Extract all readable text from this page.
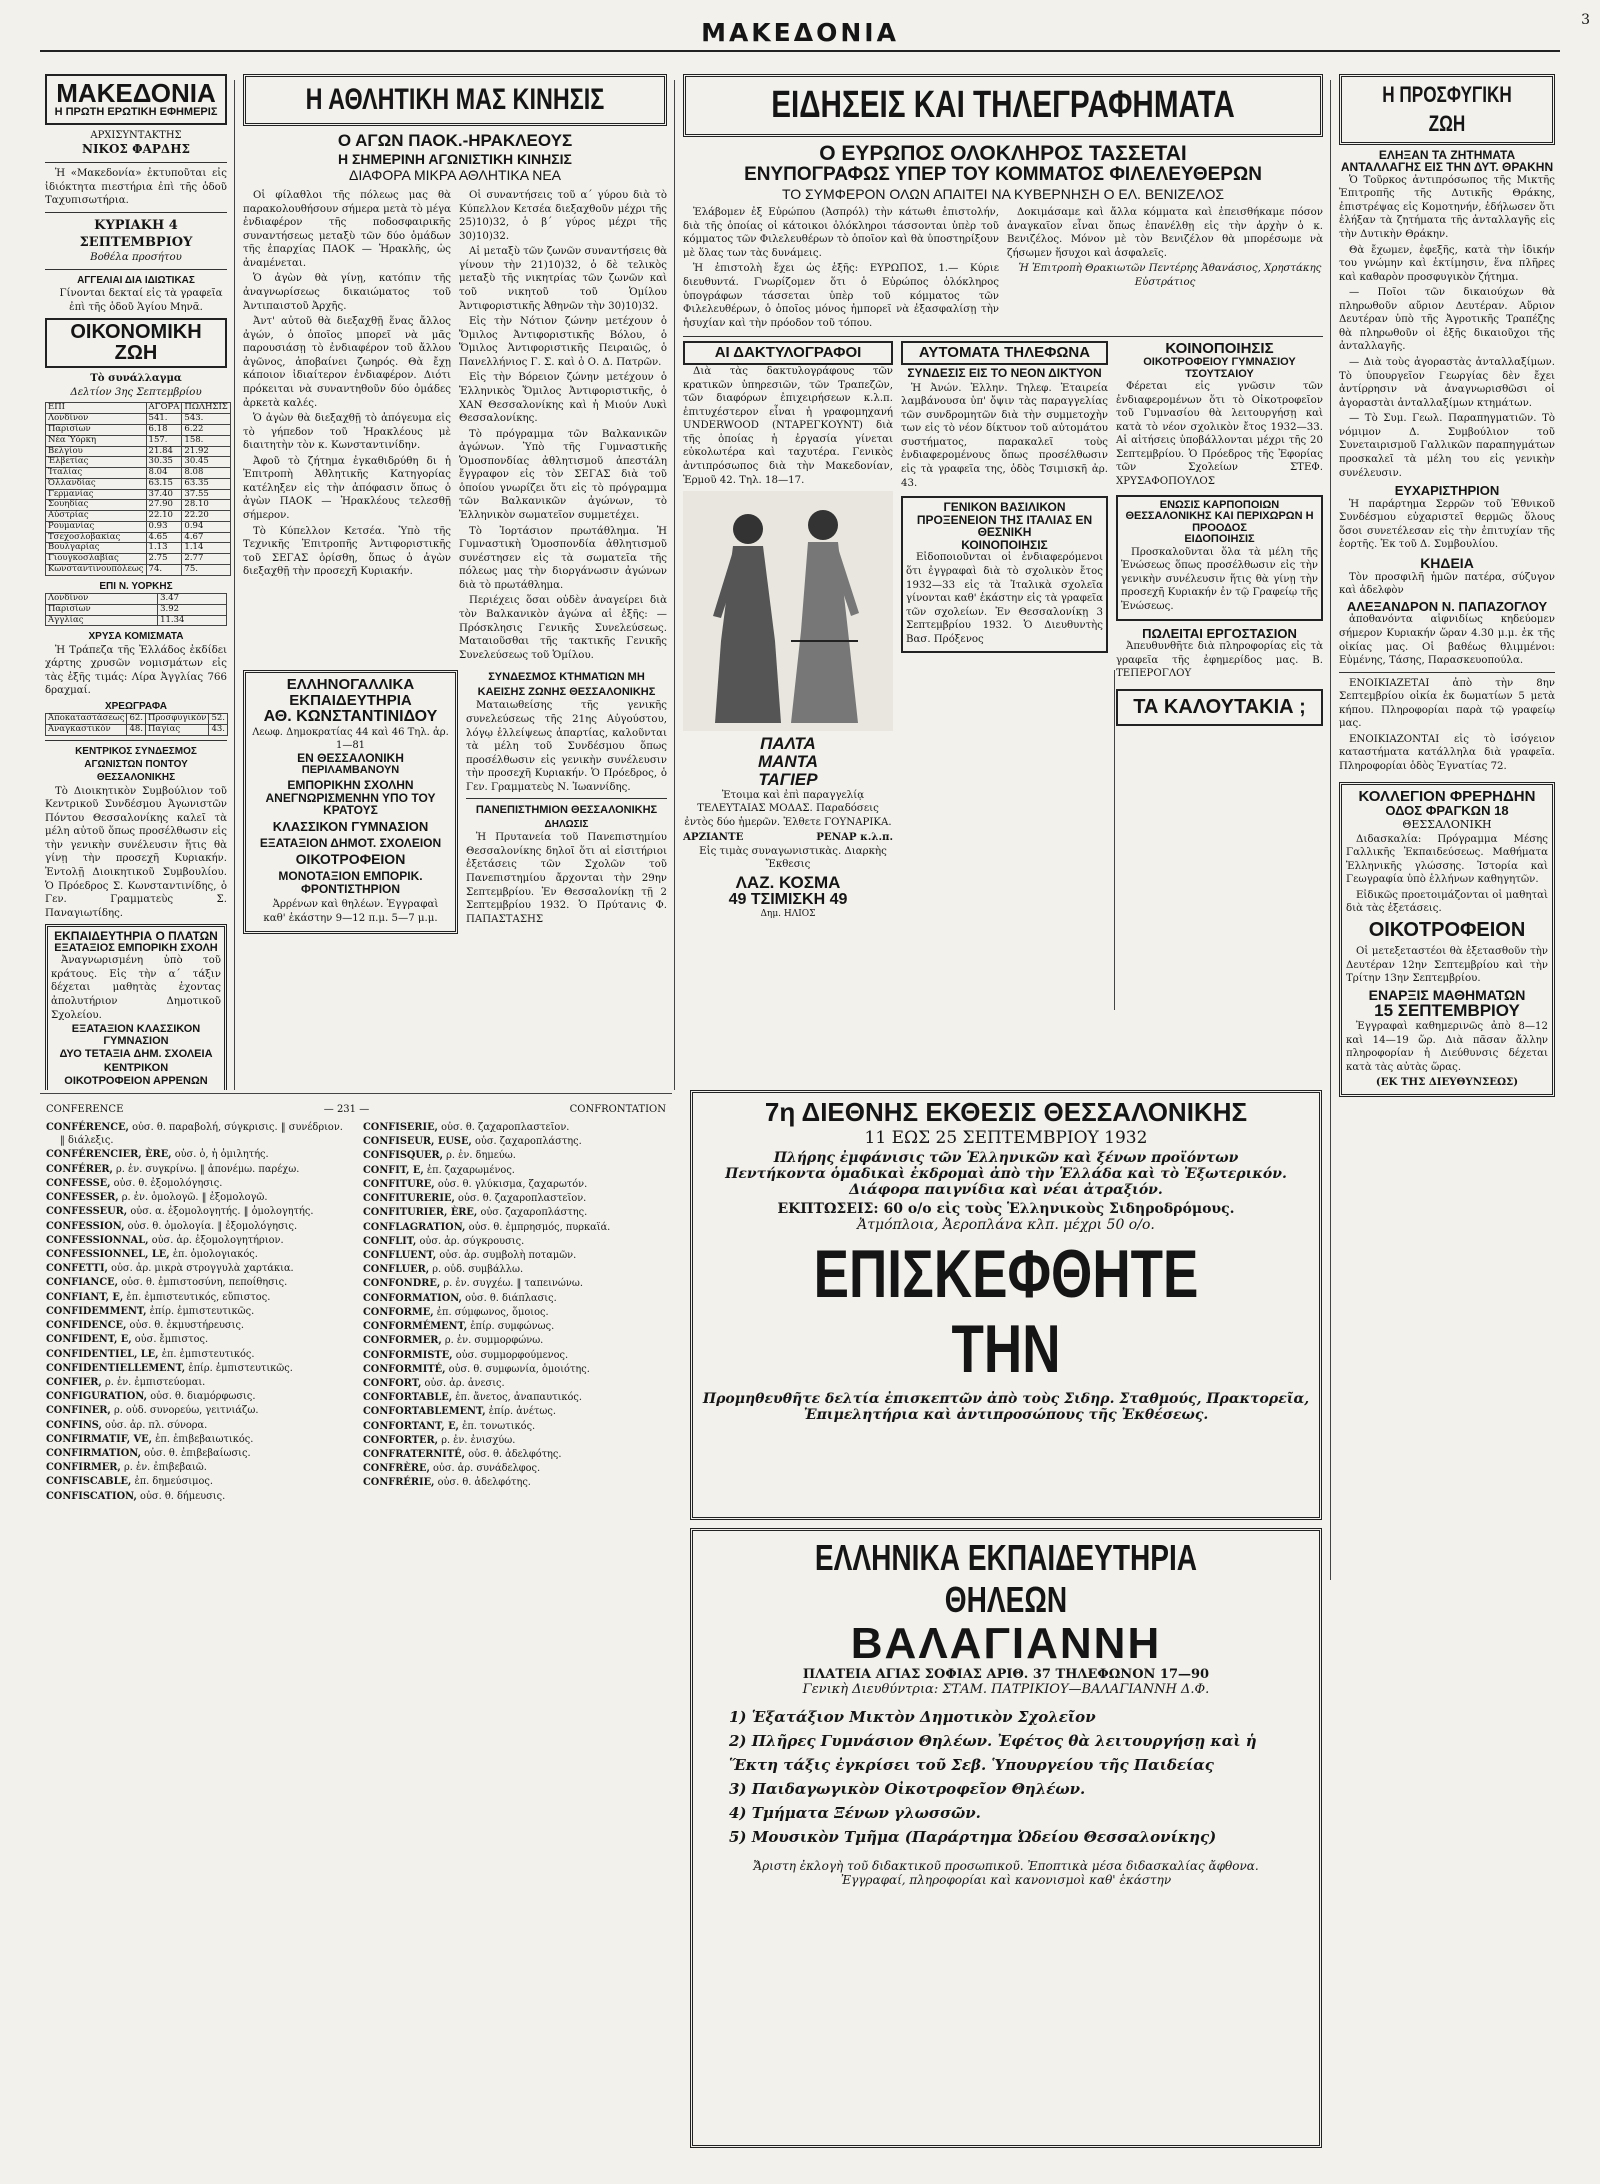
ΜΑΚΕΔΟΝΙΑ	3
ΜΑΚΕΔΟΝΙΑ
Η ΠΡΩΤΗ ΕΡΩΤΙΚΗ ΕΦΗΜΕΡΙΣ
ΑΡΧΙΣΥΝΤΑΚΤΗΣ
ΝΙΚΟΣ ΦΑΡΔΗΣ

Ἡ «Μακεδονία» ἐκτυποῦται εἰς ἰδιόκτητα πιεστήρια ἐπὶ τῆς ὁδοῦ Ταχυπισωτήρια.

ΚΥΡΙΑΚΗ 4 ΣΕΠΤΕΜΒΡΙΟΥ
Βοθέλα προσήτου
ΑΓΓΕΛΙΑΙ ΔΙΑ ΙΔΙΩΤΙΚΑΣ

Γίνονται δεκταί εἰς τὰ γραφεῖα ἐπὶ τῆς ὁδοῦ Ἁγίου Μηνᾶ.

ΟΙΚΟΝΟΜΙΚΗ ΖΩΗ
Τὸ συνάλλαγμα
Δελτίον 3ης Σεπτεμβρίου
ΕΠΙ	ΑΓΟΡΑ	ΠΩΛΗΣΙΣ
Λονδίνον	541.	543.
Παρισίων	6.18	6.22
Νέα Ὑόρκη	157.	158.
Βελγίου	21.84	21.92
Ἑλβετίας	30.35	30.45
Ἰταλίας	8.04	8.08
Ὀλλανδίας	63.15	63.35
Γερμανίας	37.40	37.55
Σουηδίας	27.90	28.10
Αὐστρίας	22.10	22.20
Ρουμανίας	0.93	0.94
Τσεχοσλοβακίας	4.65	4.67
Βουλγαρίας	1.13	1.14
Γιουγκοσλαβίας	2.75	2.77
Κωνσταντινουπόλεως	74.	75.
ΕΠΙ Ν. ΥΟΡΚΗΣ
Λονδίνον	3.47
Παρισίων	3.92
Ἀγγλίας	11.34
ΧΡΥΣΑ ΚΟΜΙΣΜΑΤΑ

Ἡ Τράπεζα τῆς Ἑλλάδος ἐκδίδει χάρτης χρυσῶν νομισμάτων εἰς τὰς ἑξῆς τιμάς: Λίρα Ἀγγλίας 766 δραχμαί.

ΧΡΕΩΓΡΑΦΑ
Ἀποκαταστάσεως	62.	Προσφυγικὸν	52.
Ἀναγκαστικὸν	48.	Παγίας	43.
ΚΕΝΤΡΙΚΟΣ ΣΥΝΔΕΣΜΟΣ ΑΓΩΝΙΣΤΩΝ ΠΟΝΤΟΥ ΘΕΣΣΑΛΟΝΙΚΗΣ

Τὸ Διοικητικὸν Συμβούλιον τοῦ Κεντρικοῦ Συνδέσμου Ἀγωνιστῶν Πόντου Θεσσαλονίκης καλεῖ τὰ μέλη αὐτοῦ ὅπως προσέλθωσιν εἰς τὴν γενικὴν συνέλευσιν ἥτις θὰ γίνῃ τὴν προσεχῆ Κυριακήν. Ἐντολῇ Διοικητικοῦ Συμβουλίου. Ὁ Πρόεδρος Σ. Κωνσταντινίδης, ὁ Γεν. Γραμματεὺς Σ. Παναγιωτίδης.

ΕΚΠΑΙΔΕΥΤΗΡΙΑ Ο ΠΛΑΤΩΝ
ΕΞΑΤΑΞΙΟΣ ΕΜΠΟΡΙΚΗ ΣΧΟΛΗ

Ἀναγνωρισμένη ὑπὸ τοῦ κράτους. Εἰς τὴν α΄ τάξιν δέχεται μαθητὰς ἐχοντας ἀπολυτήριον Δημοτικοῦ Σχολείου.

ΕΞΑΤΑΞΙΟΝ ΚΛΑΣΣΙΚΟΝ ΓΥΜΝΑΣΙΟΝ
ΔΥΟ ΤΕΤΑΞΙΑ ΔΗΜ. ΣΧΟΛΕΙΑ
ΚΕΝΤΡΙΚΟΝ
ΟΙΚΟΤΡΟΦΕΙΟΝ ΑΡΡΕΝΩΝ
Η ΑΘΛΗΤΙΚΗ ΜΑΣ ΚΙΝΗΣΙΣ
Ο ΑΓΩΝ ΠΑΟΚ.-ΗΡΑΚΛΕΟΥΣ
Η ΣΗΜΕΡΙΝΗ ΑΓΩΝΙΣΤΙΚΗ ΚΙΝΗΣΙΣ
ΔΙΑΦΟΡΑ ΜΙΚΡΑ ΑΘΛΗΤΙΚΑ ΝΕΑ

Οἱ φίλαθλοι τῆς πόλεως μας θὰ παρακολουθήσουν σήμερα μετὰ τὸ μέγα ἐνδιαφέρον τῆς ποδοσφαιρικῆς συναντήσεως μεταξὺ τῶν δύο ὁμάδων τῆς ἐπαρχίας ΠΑΟΚ — Ἡρακλῆς, ὡς ἀναμένεται.

Ὁ ἀγὼν θὰ γίνῃ, κατόπιν τῆς ἀναγνωρίσεως δικαιώματος τοῦ Ἀντιπαιστοῦ Ἀρχῆς.

Ἀντ' αὐτοῦ θὰ διεξαχθῇ ἕνας ἄλλος ἀγών, ὁ ὁποῖος μπορεῖ νὰ μᾶς παρουσιάσῃ τὸ ἐνδιαφέρον τοῦ ἄλλου ἀγῶνος, ἀποβαίνει ζωηρός. Θὰ ἔχῃ κάποιον ἰδιαίτερον ἐνδιαφέρον. Διότι πρόκειται νὰ συναντηθοῦν δύο ὁμάδες ἀρκετὰ καλές.

Ὁ ἀγὼν θὰ διεξαχθῇ τὸ ἀπόγευμα εἰς τὸ γήπεδον τοῦ Ἡρακλέους μὲ διαιτητὴν τὸν κ. Κωνσταντινίδην.

Ἀφοῦ τὸ ζήτημα ἐγκαθιδρύθη δι ἡ Ἐπιτροπὴ Ἀθλητικῆς Κατηγορίας κατέληξεν εἰς τὴν ἀπόφασιν ὅπως ὁ ἀγὼν ΠΑΟΚ — Ἡρακλέους τελεσθῇ σήμερον.

Τὸ Κύπελλον Κετσέα. Ὑπὸ τῆς Τεχνικῆς Ἐπιτροπῆς Ἀντιφοριστικῆς τοῦ ΣΕΓΑΣ ὁρίσθη, ὅπως ὁ ἀγὼν διεξαχθῇ τὴν προσεχῆ Κυριακήν.

Οἱ συναντήσεις τοῦ α΄ γύρου διὰ τὸ Κύπελλον Κετσέα διεξαχθοῦν μέχρι τῆς 25)10)32, ὁ β΄ γύρος μέχρι τῆς 30)10)32.

Αἱ μεταξὺ τῶν ζωνῶν συναντήσεις θὰ γίνουν τὴν 21)10)32, ὁ δὲ τελικὸς μεταξὺ τῆς νικητρίας τῶν ζωνῶν καὶ τοῦ νικητοῦ τοῦ Ὁμίλου Ἀντιφοριστικῆς Ἀθηνῶν τὴν 30)10)32.

Εἰς τὴν Νότιον ζώνην μετέχουν ὁ Ὅμιλος Ἀντιφοριστικῆς Βόλου, ὁ Ὅμιλος Ἀντιφοριστικῆς Πειραιῶς, ὁ Πανελλήνιος Γ. Σ. καὶ ὁ Ο. Δ. Πατρῶν.

Εἰς τὴν Βόρειον ζώνην μετέχουν ὁ Ἑλληνικὸς Ὅμιλος Ἀντιφοριστικῆς, ὁ ΧΑΝ Θεσσαλονίκης καὶ ἡ Μιούν Λυκὶ Θεσσαλονίκης.

Τὸ πρόγραμμα τῶν Βαλκανικῶν ἀγώνων. Ὑπὸ τῆς Γυμναστικῆς Ὁμοσπονδίας ἀθλητισμοῦ ἀπεστάλη ἔγγραφον εἰς τὸν ΣΕΓΑΣ διὰ τοῦ ὁποίου γνωρίζει ὅτι εἰς τὸ πρόγραμμα τῶν Βαλκανικῶν ἀγώνων, τὸ Ἑλληνικὸν σωματεῖον συμμετέχει.

Τὸ Ἰορτάσιον πρωτάθλημα. Ἡ Γυμναστικὴ Ὁμοσπονδία ἀθλητισμοῦ συνέστησεν εἰς τὰ σωματεῖα τῆς πόλεως μας τὴν διοργάνωσιν ἀγώνων διὰ τὸ πρωτάθλημα.

Περιέχεις ὅσαι οὐδὲν ἀναγείρει διὰ τὸν Βαλκανικὸν ἀγώνα αἱ ἐξῆς: — Πρόσκλησις Γενικῆς Συνελεύσεως. Ματαιοῦσθαι τῆς τακτικῆς Γενικῆς Συνελεύσεως τοῦ Ὁμίλου.

ΕΛΛΗΝΟΓΑΛΛΙΚΑ
ΕΚΠΑΙΔΕΥΤΗΡΙΑ
ΑΘ. ΚΩΝΣΤΑΝΤΙΝΙΔΟΥ
Λεωφ. Δημοκρατίας 44 καὶ 46 Τηλ. ἀρ. 1—81
ΕΝ ΘΕΣΣΑΛΟΝΙΚΗ
ΠΕΡΙΛΑΜΒΑΝΟΥΝ
ΕΜΠΟΡΙΚΗΝ ΣΧΟΛΗΝ ΑΝΕΓΝΩΡΙΣΜΕΝΗΝ ΥΠΟ ΤΟΥ ΚΡΑΤΟΥΣ
ΚΛΑΣΣΙΚΟΝ ΓΥΜΝΑΣΙΟΝ
ΕΞΑΤΑΞΙΟΝ ΔΗΜΟΤ. ΣΧΟΛΕΙΟΝ
ΟΙΚΟΤΡΟΦΕΙΟΝ
ΜΟΝΟΤΑΞΙΟΝ ΕΜΠΟΡΙΚ. ΦΡΟΝΤΙΣΤΗΡΙΟΝ

Ἀρρένων καὶ θηλέων. Ἐγγραφαὶ καθ' ἑκάστην 9—12 π.μ. 5—7 μ.μ.

ΣΥΝΔΕΣΜΟΣ ΚΤΗΜΑΤΙΩΝ ΜΗ ΚΑΕΙΣΗΣ ΖΩΝΗΣ ΘΕΣΣΑΛΟΝΙΚΗΣ

Ματαιωθείσης τῆς γενικῆς συνελεύσεως τῆς 21ης Αὐγούστου, λόγῳ ἐλλείψεως ἀπαρτίας, καλοῦνται τὰ μέλη τοῦ Συνδέσμου ὅπως προσέλθωσιν εἰς γενικὴν συνέλευσιν τὴν προσεχῆ Κυριακήν. Ὁ Πρόεδρος, ὁ Γεν. Γραμματεὺς Ν. Ἰωαννίδης.

ΠΑΝΕΠΙΣΤΗΜΙΟΝ ΘΕΣΣΑΛΟΝΙΚΗΣ
ΔΗΛΩΣΙΣ

Ἡ Πρυτανεία τοῦ Πανεπιστημίου Θεσσαλονίκης δηλοῖ ὅτι αἱ εἰσιτήριοι ἐξετάσεις τῶν Σχολῶν τοῦ Πανεπιστημίου ἄρχονται τὴν 29ην Σεπτεμβρίου. Ἐν Θεσσαλονίκῃ τῇ 2 Σεπτεμβρίου 1932. Ὁ Πρύτανις Φ. ΠΑΠΑΣΤΑΣΗΣ

ΕΙΔΗΣΕΙΣ ΚΑΙ ΤΗΛΕΓΡΑΦΗΜΑΤΑ
Ο ΕΥΡΩΠΟΣ ΟΛΟΚΛΗΡΟΣ ΤΑΣΣΕΤΑΙ
ΕΝΥΠΟΓΡΑΦΩΣ ΥΠΕΡ ΤΟΥ ΚΟΜΜΑΤΟΣ ΦΙΛΕΛΕΥΘΕΡΩΝ
ΤΟ ΣΥΜΦΕΡΟΝ ΟΛΩΝ ΑΠΑΙΤΕΙ ΝΑ ΚΥΒΕΡΝΗΣΗ Ο ΕΛ. ΒΕΝΙΖΕΛΟΣ

Ἐλάβομεν ἐξ Εὐρώπου (Ἀσπρόλ) τὴν κάτωθι ἐπιστολήν, διὰ τῆς ὁποίας οἱ κάτοικοι ὁλόκληροι τάσσονται ὑπὲρ τοῦ κόμματος τῶν Φιλελευθέρων τὸ ὁποῖον καὶ θὰ ὑποστηρίξουν μὲ ὅλας των τὰς δυνάμεις.

Ἡ ἐπιστολὴ ἔχει ὡς ἑξῆς: ΕΥΡΩΠΟΣ, 1.— Κύριε διευθυντά. Γνωρίζομεν ὅτι ὁ Εὐρώπος ὁλόκληρος ὑπογράφων τάσσεται ὑπὲρ τοῦ κόμματος τῶν Φιλελευθέρων, ὁ ὁποῖος μόνος ἠμπορεῖ νὰ ἐξασφαλίσῃ τὴν ἡσυχίαν καὶ τὴν πρόοδον τοῦ τόπου.

Δοκιμάσαμε καὶ ἄλλα κόμματα καὶ ἐπεισθήκαμε πόσον ἀναγκαῖον εἶναι ὅπως ἐπανέλθῃ εἰς τὴν ἀρχὴν ὁ κ. Βενιζέλος. Μόνον μὲ τὸν Βενιζέλον θὰ μπορέσωμε νὰ ζήσωμεν ἥσυχοι καὶ ἀσφαλεῖς.

Ἡ Ἐπιτροπὴ Θρακιωτῶν Πεντέρης Ἀθανάσιος, Χρηστάκης Εὐστράτιος

ΑΙ ΔΑΚΤΥΛΟΓΡΑΦΟΙ

Διὰ τὰς δακτυλογράφους τῶν κρατικῶν ὑπηρεσιῶν, τῶν Τραπεζῶν, τῶν διαφόρων ἐπιχειρήσεων κ.λ.π. ἐπιτυχέστερον εἶναι ἡ γραφομηχανή UNDERWOOD (ΝΤΑΡΕΓΚΟΥΝΤ) διὰ τῆς ὁποίας ἡ ἐργασία γίνεται εὐκολωτέρα καὶ ταχυτέρα. Γενικὸς ἀντιπρόσωπος διὰ τὴν Μακεδονίαν, Ἑρμοῦ 42. Τηλ. 18—17.

ΠΑΛΤΑ
ΜΑΝΤΑ
ΤΑΓΙΕΡ

Ἐτοιμα καὶ ἐπὶ παραγγελίᾳ ΤΕΛΕΥΤΑΙΑΣ ΜΟΔΑΣ. Παραδόσεις ἐντὸς δύο ἡμερῶν. Ἐλθετε ΓΟΥΝΑΡΙΚΑ.

ΑΡΖΙΑΝΤΕ	ΡΕΝΑΡ κ.λ.π.

Εἰς τιμὰς συναγωνιστικὰς. Διαρκὴς Ἔκθεσις

ΛΑΖ. ΚΟΣΜΑ
49 ΤΣΙΜΙΣΚΗ 49
Δημ. ΗΛΙΟΣ
ΑΥΤΟΜΑΤΑ ΤΗΛΕΦΩΝΑ
ΣΥΝΔΕΣΙΣ ΕΙΣ ΤΟ ΝΕΟΝ ΔΙΚΤΥΟΝ

Ἡ Ἀνών. Ἑλλην. Τηλεφ. Ἑταιρεία λαμβάνουσα ὑπ' ὄψιν τὰς παραγγελίας τῶν συνδρομητῶν διὰ τὴν συμμετοχὴν των εἰς τὸ νέον δίκτυον τοῦ αὐτομάτου συστήματος, παρακαλεῖ τοὺς ἐνδιαφερομένους ὅπως προσέλθωσιν εἰς τὰ γραφεῖα της, ὁδὸς Τσιμισκῆ ἀρ. 43.

ΓΕΝΙΚΟΝ ΒΑΣΙΛΙΚΟΝ ΠΡΟΞΕΝΕΙΟΝ ΤΗΣ ΙΤΑΛΙΑΣ ΕΝ ΘΕΣΝΙΚΗ
ΚΟΙΝΟΠΟΙΗΣΙΣ

Εἰδοποιοῦνται οἱ ἐνδιαφερόμενοι ὅτι ἐγγραφαὶ διὰ τὸ σχολικὸν ἔτος 1932—33 εἰς τὰ Ἰταλικὰ σχολεῖα γίνονται καθ' ἑκάστην εἰς τὰ γραφεῖα τῶν σχολείων. Ἐν Θεσσαλονίκῃ 3 Σεπτεμβρίου 1932. Ὁ Διευθυντὴς Βασ. Πρόξενος

ΚΟΙΝΟΠΟΙΗΣΙΣ
ΟΙΚΟΤΡΟΦΕΙΟΥ ΓΥΜΝΑΣΙΟΥ ΤΣΟΥΤΣΑΙΟΥ

Φέρεται εἰς γνῶσιν τῶν ἐνδιαφερομένων ὅτι τὸ Οἰκοτροφεῖον τοῦ Γυμνασίου θὰ λειτουργήσῃ καὶ κατὰ τὸ νέον σχολικὸν ἔτος 1932—33. Αἱ αἰτήσεις ὑποβάλλονται μέχρι τῆς 20 Σεπτεμβρίου. Ὁ Πρόεδρος τῆς Ἐφορίας τῶν Σχολείων ΣΤΕΦ. ΧΡΥΣΑΦΟΠΟΥΛΟΣ

ΕΝΩΣΙΣ ΚΑΡΠΟΠΟΙΩΝ ΘΕΣΣΑΛΟΝΙΚΗΣ ΚΑΙ ΠΕΡΙΧΩΡΩΝ Η ΠΡΟΟΔΟΣ
ΕΙΔΟΠΟΙΗΣΙΣ

Προσκαλοῦνται ὅλα τὰ μέλη τῆς Ἑνώσεως ὅπως προσέλθωσιν εἰς τὴν γενικὴν συνέλευσιν ἥτις θὰ γίνῃ τὴν προσεχῆ Κυριακήν ἐν τῷ Γραφείῳ τῆς Ἑνώσεως.

ΠΩΛΕΙΤΑΙ ΕΡΓΟΣΤΑΣΙΟΝ

Ἀπευθυνθῆτε διὰ πληροφορίας εἰς τὰ γραφεῖα τῆς ἐφημερίδος μας. Β. ΤΕΠΕΡΟΓΛΟΥ

ΤΑ ΚΑΛΟΥΤΑΚΙΑ ;
Η ΠΡΟΣΦΥΓΙΚΗ ΖΩΗ
ΕΛΗΞΑΝ ΤΑ ΖΗΤΗΜΑΤΑ ΑΝΤΑΛΛΑΓΗΣ ΕΙΣ ΤΗΝ ΔΥΤ. ΘΡΑΚΗΝ

Ὁ Τοῦρκος ἀντιπρόσωπος τῆς Μικτῆς Ἐπιτροπῆς τῆς Δυτικῆς Θράκης, ἐπιστρέψας εἰς Κομοτηνήν, ἐδήλωσεν ὅτι ἐλήξαν τὰ ζητήματα τῆς ἀνταλλαγῆς εἰς τὴν Δυτικὴν Θράκην.

Θὰ ἔχωμεν, ἐφεξῆς, κατὰ τὴν ἰδικήν του γνώμην καὶ ἐκτίμησιν, ἕνα πλῆρες καὶ καθαρὸν προσφυγικὸν ζήτημα.

— Ποῖοι τῶν δικαιούχων θὰ πληρωθοῦν αὔριον Δευτέραν. Αὔριον Δευτέραν ὑπὸ τῆς Ἀγροτικῆς Τραπέζης θὰ πληρωθοῦν οἱ ἑξῆς δικαιοῦχοι τῆς ἀνταλλαγῆς.

— Διὰ τοὺς ἀγοραστὰς ἀνταλλαξίμων. Τὸ ὑπουργεῖον Γεωργίας δὲν ἔχει ἀντίρρησιν νὰ ἀναγνωρισθῶσι οἱ ἀγοραστὰι ἀνταλλαξίμων κτημάτων.

— Τὸ Συμ. Γεωλ. Παραπηγματιῶν. Τὸ νόμιμον Δ. Συμβούλιον τοῦ Συνεταιρισμοῦ Γαλλικῶν παραπηγμάτων προσκαλεῖ τὰ μέλη του εἰς γενικὴν συνέλευσιν.

ΕΥΧΑΡΙΣΤΗΡΙΟΝ

Ἡ παράρτημα Σερρῶν τοῦ Ἐθνικοῦ Συνδέσμου εὐχαριστεῖ θερμῶς ὅλους ὅσοι συνετέλεσαν εἰς τὴν ἐπιτυχίαν τῆς ἑορτῆς. Ἐκ τοῦ Δ. Συμβουλίου.

ΚΗΔΕΙΑ

Τὸν προσφιλῆ ἡμῶν πατέρα, σύζυγον καὶ ἀδελφὸν

ΑΛΕΞΑΝΔΡΟΝ Ν. ΠΑΠΑΖΟΓΛΟΥ

ἀποθανόντα αἰφνιδίως κηδεύομεν σήμερον Κυριακήν ὥραν 4.30 μ.μ. ἐκ τῆς οἰκίας μας. Οἱ βαθέως θλιμμένοι: Εὐμένης, Τάσης, Παρασκευοπούλα.

ΕΝΟΙΚΙΑΖΕΤΑΙ ἀπὸ τὴν 8ην Σεπτεμβρίου οἰκία ἐκ δωματίων 5 μετὰ κήπου. Πληροφορίαι παρὰ τῷ γραφείῳ μας.

ΕΝΟΙΚΙΑΖΟΝΤΑΙ εἰς τὸ ἰσόγειον καταστήματα κατάλληλα διὰ γραφεῖα. Πληροφορίαι ὁδὸς Ἐγνατίας 72.

ΚΟΛΛΕΓΙΟΝ ΦΡΕΡΗΔΗΝ
ΟΔΟΣ ΦΡΑΓΚΩΝ 18
ΘΕΣΣΑΛΟΝΙΚΗ

Διδασκαλία: Πρόγραμμα Μέσης Γαλλικῆς Ἐκπαιδεύσεως. Μαθήματα Ἑλληνικῆς γλώσσης. Ἱστορία καὶ Γεωγραφία ὑπὸ ἑλλήνων καθηγητῶν.

Εἰδικῶς προετοιμάζονται οἱ μαθηταὶ διὰ τὰς ἐξετάσεις.

ΟΙΚΟΤΡΟΦΕΙΟΝ

Οἱ μετεξεταστέοι θὰ ἐξετασθοῦν τὴν Δευτέραν 12ην Σεπτεμβρίου καὶ τὴν Τρίτην 13ην Σεπτεμβρίου.

ΕΝΑΡΞΙΣ ΜΑΘΗΜΑΤΩΝ
15 ΣΕΠΤΕΜΒΡΙΟΥ

Ἐγγραφαὶ καθημερινῶς ἀπὸ 8—12 καὶ 14—19 ὥρ. Διὰ πᾶσαν ἄλλην πληροφορίαν ἡ Διεύθυνσις δέχεται κατὰ τὰς αὐτὰς ὥρας.

(ΕΚ ΤΗΣ ΔΙΕΥΘΥΝΣΕΩΣ)
CONFERENCE	— 231 —	CONFRONTATION

CONFÉRENCE, οὐσ. θ. παραβολή, σύγκρισις. ‖ συνέδριον. ‖ διάλεξις.

CONFÉRENCIER, ÈRE, οὐσ. ὁ, ἡ ὁμιλητής.

CONFÉRER, ρ. ἐν. συγκρίνω. ‖ ἀπονέμω. παρέχω.

CONFESSE, οὐσ. θ. ἐξομολόγησις.

CONFESSER, ρ. ἐν. ὁμολογῶ. ‖ ἐξομολογῶ.

CONFESSEUR, οὐσ. α. ἐξομολογητής. ‖ ὁμολογητής.

CONFESSION, οὐσ. θ. ὁμολογία. ‖ ἐξομολόγησις.

CONFESSIONNAL, οὐσ. ἀρ. ἐξομολογητήριον.

CONFESSIONNEL, LE, ἐπ. ὁμολογιακός.

CONFETTI, οὐσ. ἀρ. μικρὰ στρογγυλὰ χαρτάκια.

CONFIANCE, οὐσ. θ. ἐμπιστοσύνη, πεποίθησις.

CONFIANT, E, ἐπ. ἐμπιστευτικός, εὔπιστος.

CONFIDEMMENT, ἐπίρ. ἐμπιστευτικῶς.

CONFIDENCE, οὐσ. θ. ἐκμυστήρευσις.

CONFIDENT, E, οὐσ. ἔμπιστος.

CONFIDENTIEL, LE, ἐπ. ἐμπιστευτικός.

CONFIDENTIELLEMENT, ἐπίρ. ἐμπιστευτικῶς.

CONFIER, ρ. ἐν. ἐμπιστεύομαι.

CONFIGURATION, οὐσ. θ. διαμόρφωσις.

CONFINER, ρ. οὐδ. συνορεύω, γειτνιάζω.

CONFINS, οὐσ. ἀρ. πλ. σύνορα.

CONFIRMATIF, VE, ἐπ. ἐπιβεβαιωτικός.

CONFIRMATION, οὐσ. θ. ἐπιβεβαίωσις.

CONFIRMER, ρ. ἐν. ἐπιβεβαιῶ.

CONFISCABLE, ἐπ. δημεύσιμος.

CONFISCATION, οὐσ. θ. δήμευσις.

CONFISERIE, οὐσ. θ. ζαχαροπλαστεῖον.

CONFISEUR, EUSE, οὐσ. ζαχαροπλάστης.

CONFISQUER, ρ. ἐν. δημεύω.

CONFIT, E, ἐπ. ζαχαρωμένος.

CONFITURE, οὐσ. θ. γλύκισμα, ζαχαρωτόν.

CONFITURERIE, οὐσ. θ. ζαχαροπλαστεῖον.

CONFITURIER, ÈRE, οὐσ. ζαχαροπλάστης.

CONFLAGRATION, οὐσ. θ. ἐμπρησμός, πυρκαϊά.

CONFLIT, οὐσ. ἀρ. σύγκρουσις.

CONFLUENT, οὐσ. ἀρ. συμβολὴ ποταμῶν.

CONFLUER, ρ. οὐδ. συμβάλλω.

CONFONDRE, ρ. ἐν. συγχέω. ‖ ταπεινώνω.

CONFORMATION, οὐσ. θ. διάπλασις.

CONFORME, ἐπ. σύμφωνος, ὅμοιος.

CONFORMÉMENT, ἐπίρ. συμφώνως.

CONFORMER, ρ. ἐν. συμμορφώνω.

CONFORMISTE, οὐσ. συμμορφούμενος.

CONFORMITÉ, οὐσ. θ. συμφωνία, ὁμοιότης.

CONFORT, οὐσ. ἀρ. ἀνεσις.

CONFORTABLE, ἐπ. ἄνετος, ἀναπαυτικός.

CONFORTABLEMENT, ἐπίρ. ἀνέτως.

CONFORTANT, E, ἐπ. τονωτικός.

CONFORTER, ρ. ἐν. ἐνισχύω.

CONFRATERNITÉ, οὐσ. θ. ἀδελφότης.

CONFRÈRE, οὐσ. ἀρ. συνάδελφος.

CONFRÉRIE, οὐσ. θ. ἀδελφότης.

7η ΔΙΕΘΝΗΣ ΕΚΘΕΣΙΣ ΘΕΣΣΑΛΟΝΙΚΗΣ
11 ΕΩΣ 25 ΣΕΠΤΕΜΒΡΙΟΥ 1932
Πλήρης ἐμφάνισις τῶν Ἑλληνικῶν καὶ ξένων προϊόντων
Πεντήκοντα ὁμαδικαὶ ἐκδρομαὶ ἀπὸ τὴν Ἑλλάδα καὶ τὸ Ἐξωτερικόν.
Διάφορα παιγνίδια καὶ νέαι ἀτραξιόν.
ΕΚΠΤΩΣΕΙΣ: 60 ο/ο εἰς τοὺς Ἑλληνικοὺς Σιδηροδρόμους.
Ἀτμόπλοια, Ἀεροπλάνα κλπ. μέχρι 50 ο/ο.
ΕΠΙΣΚΕΦΘΗΤΕ ΤΗΝ
Προμηθευθῆτε δελτία ἐπισκεπτῶν ἀπὸ τοὺς Σιδηρ. Σταθμούς, Πρακτορεῖα, Ἐπιμελητήρια καὶ ἀντιπροσώπους τῆς Ἐκθέσεως.
ΕΛΛΗΝΙΚΑ ΕΚΠΑΙΔΕΥΤΗΡΙΑ ΘΗΛΕΩΝ
ΒΑΛΑΓΙΑΝΝΗ
ΠΛΑΤΕΙΑ ΑΓΙΑΣ ΣΟΦΙΑΣ ΑΡΙΘ. 37 ΤΗΛΕΦΩΝΟΝ 17—90
Γενικὴ Διευθύντρια: ΣΤΑΜ. ΠΑΤΡΙΚΙΟΥ—ΒΑΛΑΓΙΑΝΝΗ Δ.Φ.
1) Ἑξατάξιον Μικτὸν Δημοτικὸν Σχολεῖον
2) Πλῆρες Γυμνάσιον Θηλέων. Ἐφέτος θὰ λειτουργήσῃ καὶ ἡ Ἕκτη τάξις ἐγκρίσει τοῦ Σεβ. Ὑπουργείου τῆς Παιδείας
3) Παιδαγωγικὸν Οἰκοτροφεῖον Θηλέων.
4) Τμήματα Ξένων γλωσσῶν.
5) Μουσικὸν Τμῆμα (Παράρτημα Ὠδείου Θεσσαλονίκης)
Ἄριστη ἐκλογὴ τοῦ διδακτικοῦ προσωπικοῦ. Ἐποπτικὰ μέσα διδασκαλίας ἄφθονα.
Ἐγγραφαί, πληροφορίαι καὶ κανονισμοὶ καθ' ἑκάστην
